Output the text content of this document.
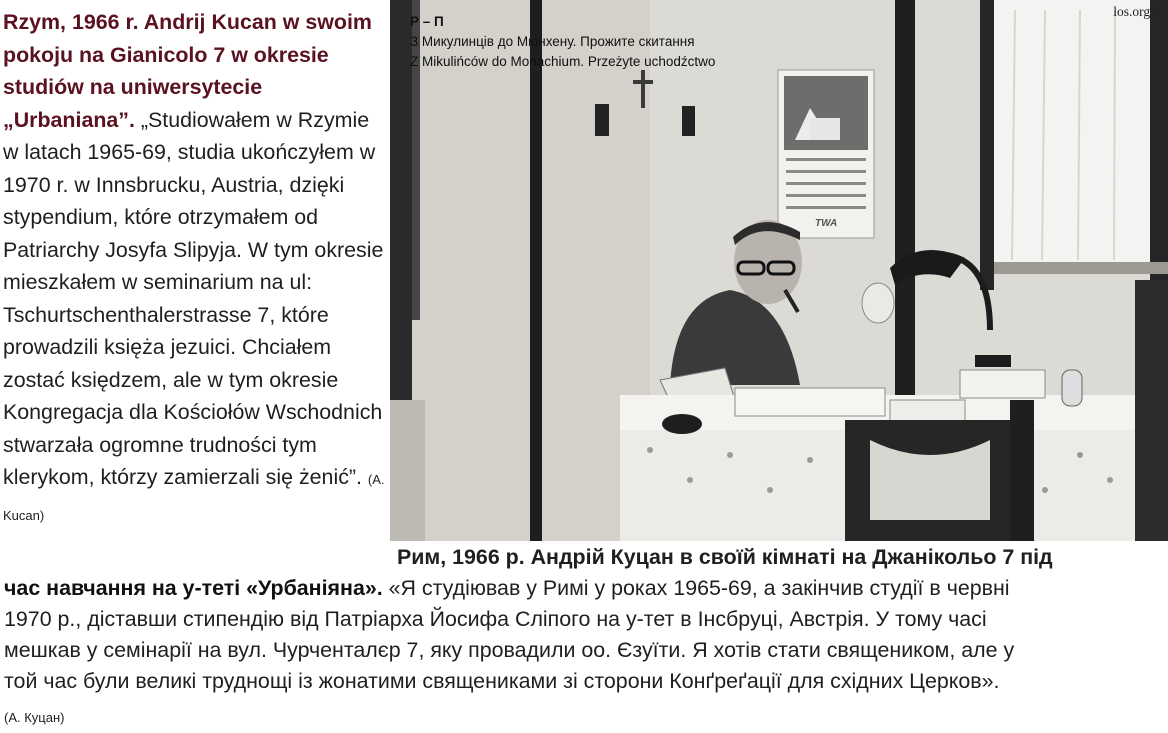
Rzym, 1966 r. Andrij Kucan w swoim pokoju na Gianicolo 7 w okresie studiów na uniwersytecie „Urbaniana”. „Studiowałem w Rzymie w latach 1965-69, studia ukończyłem w 1970 r. w Innsbrucku, Austria, dzięki stypendium, które otrzymałem od Patriarchy Josyfa Slipyja. W tym okresie mieszkałem w seminarium na ul: Tschurtschenthalerstrasse 7, które prowadzili księża jezuici. Chciałem zostać księdzem, ale w tym okresie Kongregacja dla Kościołów Wschodnich stwarzała ogromne trudności tym klerykom, którzy zamierzali się żenić”. (A. Kucan)
TWA
Р – П
З Микулинців до Мюнхену. Прожите скитання
Z Mikulińców do Monachium. Przeżyte uchodźctwo
los.org.pl
Рим, 1966 р. Андрій Куцан в своїй кімнаті на Джанікольо 7 під
час навчання на у-теті «Урбаніяна». «Я студіював у Римі у роках 1965-69, а закінчив студії в червні
1970 р., діставши стипендію від Патріарха Йосифа Сліпого на у-тет в Інсбруці, Австрія. У тому часі
мешкав у семінарії на вул. Чурченталєр 7, яку провадили оо. Єзуїти. Я хотів стати священиком, але у
той час були великі труднощі із жонатими священиками зі сторони Конґреґації для східних Церков».
(А. Куцан)
